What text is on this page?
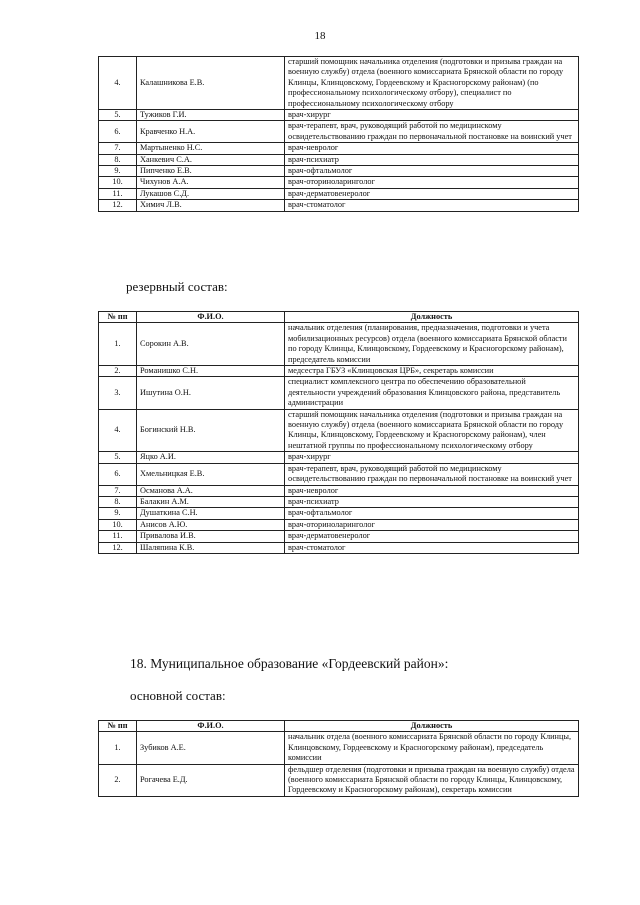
18
4.	Калашникова Е.В.	старший помощник начальника отделения (подготовки и призыва граждан на военную службу) отдела (военного комиссариата Брянской области по городу Клинцы, Клинцовскому, Гордеевскому и Красногорскому районам) (по профессиональному психологическому отбору), специалист по профессиональному психологическому отбору
5.	Тужиков Г.И.	врач-хирург
6.	Кравченко Н.А.	врач-терапевт, врач, руководящий работой по медицинскому освидетельствованию граждан по первоначальной постановке на воинский учет
7.	Мартыненко Н.С.	врач-невролог
8.	Ханкевич С.А.	врач-психиатр
9.	Пипченко Е.В.	врач-офтальмолог
10.	Чихунов А.А.	врач-оториноларинголог
11.	Лукашов С.Д.	врач-дерматовенеролог
12.	Химич Л.В.	врач-стоматолог
резервный состав:
№ пп	Ф.И.О.	Должность
1.	Сорокин А.В.	начальник отделения (планирования, предназначения, подготовки и учета мобилизационных ресурсов) отдела (военного комиссариата Брянской области по городу Клинцы, Клинцовскому, Гордеевскому и Красногорскому районам), председатель комиссии
2.	Романишко С.Н.	медсестра ГБУЗ «Клинцовская ЦРБ», секретарь комиссии
3.	Ишутина О.Н.	специалист комплексного центра по обеспечению образовательной деятельности учреждений образования Клинцовского района, представитель администрации
4.	Богинский Н.В.	старший помощник начальника отделения (подготовки и призыва граждан на военную службу) отдела (военного комиссариата Брянской области по городу Клинцы, Клинцовскому, Гордеевскому и Красногорскому районам), член нештатной группы по профессиональному психологическому отбору
5.	Яцко А.И.	врач-хирург
6.	Хмельницкая Е.В.	врач-терапевт, врач, руководящий работой по медицинскому освидетельствованию граждан по первоначальной постановке на воинский учет
7.	Османова А.А.	врач-невролог
8.	Балакин А.М.	врач-психиатр
9.	Душаткина С.Н.	врач-офтальмолог
10.	Анисов А.Ю.	врач-оториноларинголог
11.	Привалова И.В.	врач-дерматовенеролог
12.	Шаляпина К.В.	врач-стоматолог
18. Муниципальное образование «Гордеевский район»:
основной состав:
№ пп	Ф.И.О.	Должность
1.	Зубиков А.Е.	начальник отдела (военного комиссариата Брянской области по городу Клинцы, Клинцовскому, Гордеевскому и Красногорскому районам), председатель комиссии
2.	Рогачева Е.Д.	фельдшер отделения (подготовки и призыва граждан на военную службу) отдела (военного комиссариата Брянской области по городу Клинцы, Клинцовскому, Гордеевскому и Красногорскому районам), секретарь комиссии
